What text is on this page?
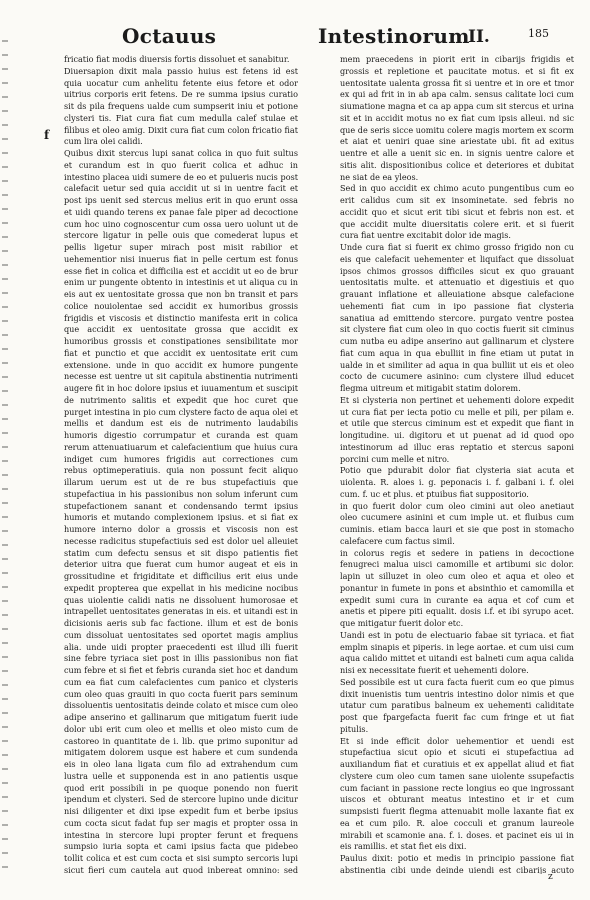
Octauus	Intestinorum
II.	185
f

fricatio fiat modis diuersis fortis dissoluet et sanabitur.

Diuersapion dixit mala passio huius est fetens id est quia uocatur cum anhelitu fetente eius fetore et odor uitrius corporis erit fetens. De re summa ipsius curatio sit ds pila frequens ualde cum sumpserit iniu et potione clysteri tis. Fiat cura fiat cum medulla calef stulae et filibus et oleo amig. Dixit cura fiat cum colon fricatio fiat cum lira olei calidi.

Quibus dixit stercus lupi sanat colica in quo fuit sultus et curandum est in quo fuerit colica et adhuc in intestino placea uidi sumere de eo et pulueris nucis post calefacit uetur sed quia accidit ut si in uentre facit et post ips uenit sed stercus melius erit in quo erunt ossa et uidi quando terens ex panae fale piper ad decoctione cum hoc uino cognoscentur cum ossa uero uolunt ut de stercore ligatur in pelle ouis que comederat lupus et pellis ligetur super mirach post misit rabilior et uehementior nisi inuerus fiat in pelle certum est fonus esse fiet in colica et difficilia est et accidit ut eo de brur enim ur pungente obtento in intestinis et ut aliqua cu in eis aut ex uentositate grossa que non bn transit et pars colice nouiolentae sed accidit ex humoribus grossis frigidis et viscosis et distinctio manifesta erit in colica que accidit ex uentositate grossa que accidit ex humoribus grossis et constipationes sensibilitate mor fiat et punctio et que accidit ex uentositate erit cum extensione. unde in quo accidit ex humore pungente necesse est uentre ut sit capitula abstinentia nutrimenti augere fit in hoc dolore ipsius et iuuamentum et suscipit de nutrimento salitis et expedit que hoc curet que purget intestina in pio cum clystere facto de aqua olei et mellis et dandum est eis de nutrimento laudabilis humoris digestio corrumpatur et curanda est quam rerum attenuatiuarum et calefacientium que huius cura indiget cum humores frigidis aut correctiones cum rebus optimeperatiuis. quia non possunt fecit aliquo illarum uerum est ut de re bus stupefactiuis que stupefactiua in his passionibus non solum inferunt cum stupefactionem sanant et condensando termt ipsius humoris et mutando complexionem ipsius. et si fiat ex humore interno dolor a grossis et viscosis non est necesse radicitus stupefactiuis sed est dolor uel alleuiet statim cum defectu sensus et sit dispo patientis fiet deterior uitra que fuerat cum humor augeat et eis in grossitudine et frigiditate et difficilius erit eius unde expedit propterea que expellat in his medicine nocibus quas uiolentie calidi natis ne dissoluent humorosae et intrapellet uentositates generatas in eis. et uitandi est in dicisionis aeris sub fac factione. illum et est de bonis cum dissoluat uentositates sed oportet magis amplius alia. unde uidi propter praecedenti est illud illi fuerit sine febre tyriaca siet post in illis passionibus non fiat cum febre et si fiet et febris curanda siet hoc et dandum cum ea fiat cum calefacientes cum panico et clysteris cum oleo quas grauiti in quo cocta fuerit pars seminum dissoluentis uentositatis deinde colato et misce cum oleo adipe anserino et gallinarum que mitigatum fuerit iude dolor ubi erit cum oleo et mellis et oleo misto cum de castoreo in quantitate de i. lib. que primo suponitur ad mitigatem dolorem usque est habere et cum sundenda eis in oleo lana ligata cum filo ad extrahendum cum lustra uelle et supponenda est in ano patientis usque quod erit possibili in pe quoque ponendo non fuerit ipendum et clysteri. Sed de stercore lupino unde dicitur nisi diligenter et dixi ipse expedit fum et berbe ipsius cum cocta sicut fadat fup ser magis et propter ossa in intestina in stercore lupi propter ferunt et frequens sumpsio iuria sopta et cami ipsius facta que pidebeo tollit colica et est cum cocta et sisi sumpto sercoris lupi sicut fieri cum cautela aut quod inbereat omnino: sed

mem praecedens in piorit erit in cibarijs frigidis et grossis et repletione et paucitate motus. et si fit ex uentositate ualenta grossa fit si uentre et in ore et tmor ex qui ad frit in in ab apa calm. sensus calitate loci cum siumatione magna et ca ap appa cum sit stercus et urina sit et in accidit motus no ex fiat cum ipsis alleui. nd sic que de seris sicce uomitu colere magis mortem ex scorm et aiat et ueniri quae sine ariestate ubi. fit ad exitus uentre et alle a uenit sic en. in signis uentre calore et sitis alit. dispositionibus colice et deteriores et dubitat ne siat de ea yleos.

Sed in quo accidit ex chimo acuto pungentibus cum eo erit calidus cum sit ex insominetate. sed febris no accidit quo et sicut erit tibi sicut et febris non est. et que accidit multe diuersitatis colere erit. et si fuerit cura fiat uentre excitabit dolor ide magis.

Unde cura fiat si fuerit ex chimo grosso frigido non cu eis que calefacit uehementer et liquifact que dissoluat ipsos chimos grossos difficiles sicut ex quo grauant uentositatis multe. et attenuatio et digestiuis et quo grauant inflatione et alleuiatione absque calefacione uehementi fiat cum in ipo passione fiat clysteria sanatiua ad emittendo stercore. purgato ventre postea sit clystere fiat cum oleo in quo coctis fuerit sit ciminus cum nutba eu adipe anserino aut gallinarum et clystere fiat cum aqua in qua ebulliit in fine etiam ut putat in ualde in et similiter ad aqua in qua bulliit ut eis et oleo cocto de cucumere asinino: cum clystere illud educet flegma uitreum et mitigabit statim dolorem.

Et si clysteria non pertinet et uehementi dolore expedit ut cura fiat per iecta potio cu melle et pili, per pilam e. et utile que stercus ciminum est et expedit que fiant in longitudine. ui. digitoru et ut puenat ad id quod opo intestinorum ad illuc eras reptatio et stercus saponi porcini cum melle et nitro.

Potio que pdurabit dolor fiat clysteria siat acuta et uiolenta. R. aloes i. g. peponacis i. f. galbani i. f. olei cum. f. uc et plus. et ptuibus fiat suppositorio.

in quo fuerit dolor cum oleo cimini aut oleo anetiaut oleo cucumere asinini et cum imple ut. et fluibus cum cuminis. etiam bacca lauri et sie que post in stomacho calefacere cum factus simil.

in colorus regis et sedere in patiens in decoctione fenugreci malua uisci camomille et artibumi sic dolor. lapin ut silluzet in oleo cum oleo et aqua et oleo et ponantur in fumete in pons et absinthio et camomilla et expedit sumi cura in curante ea aqua et cof cum et anetis et pipere piti equalit. dosis i.f. et ibi syrupo acet. que mitigatur fuerit dolor etc.

Uandi est in potu de electuario fabae sit tyriaca. et fiat emplm sinapis et piperis. in lege aortae. et cum uisi cum aqua calido mittet et uitandi est balneti cum aqua calida nisi ex necessitate fuerit et uehementi dolore.

Sed possibile est ut cura facta fuerit cum eo que pimus dixit inuenistis tum uentris intestino dolor nimis et que utatur cum paratibus balneum ex uehementi caliditate post que fpargefacta fuerit fac cum fringe et ut fiat pitulis.

Et si inde efficit dolor uehementior et uendi est stupefactiua sicut opio et sicuti ei stupefactiua ad auxiliandum fiat et curatiuis et ex appellat aliud et fiat clystere cum oleo cum tamen sane uiolente ssupefactis cum faciant in passione recte longius eo que ingrossant uiscos et obturant meatus intestino et ir et cum sumpsisti fuerit flegma attenuabit molle laxante fiat ex ea et cum pilo. R. aloe cocculi et granum laureole mirabili et scamonie ana. f. i. doses. et pacinet eis ui in eis ramillis. et stat fiet eis dixi.

Paulus dixit: potio et medis in principio passione fiat abstinentia cibi unde deinde uiendi est cibarijs acuto

z
